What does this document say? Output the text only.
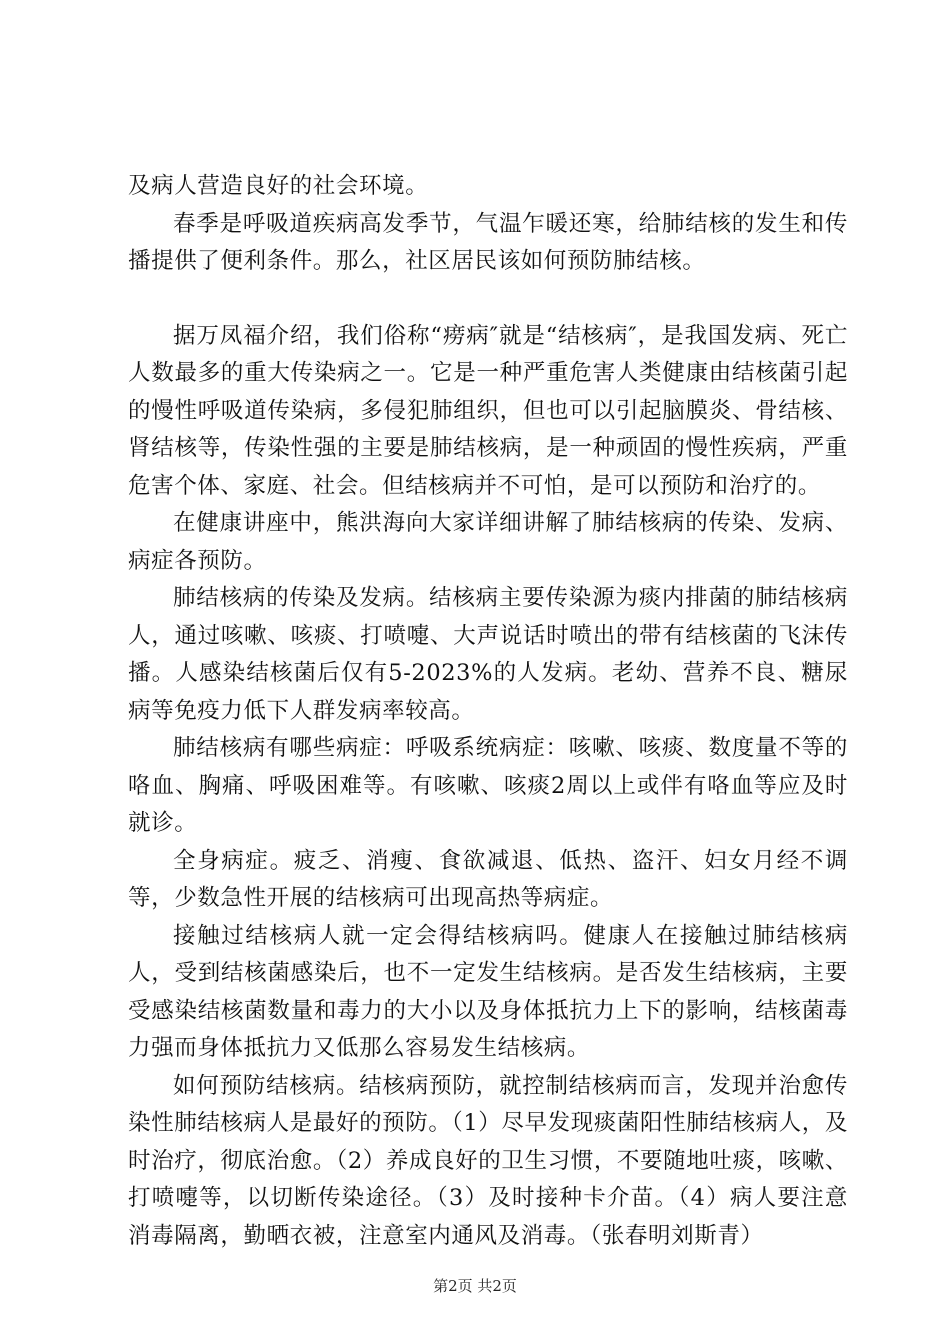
及病人营造良好的社会环境。

春季是呼吸道疾病高发季节，气温乍暖还寒，给肺结核的发生和传播提供了便利条件。那么，社区居民该如何预防肺结核。

据万凤福介绍，我们俗称“痨病″就是“结核病″，是我国发病、死亡人数最多的重大传染病之一。它是一种严重危害人类健康由结核菌引起的慢性呼吸道传染病，多侵犯肺组织，但也可以引起脑膜炎、骨结核、肾结核等，传染性强的主要是肺结核病，是一种顽固的慢性疾病，严重危害个体、家庭、社会。但结核病并不可怕，是可以预防和治疗的。

在健康讲座中，熊洪海向大家详细讲解了肺结核病的传染、发病、病症各预防。

肺结核病的传染及发病。结核病主要传染源为痰内排菌的肺结核病人，通过咳嗽、咳痰、打喷嚏、大声说话时喷出的带有结核菌的飞沫传播。人感染结核菌后仅有5-2023%的人发病。老幼、营养不良、糖尿病等免疫力低下人群发病率较高。

肺结核病有哪些病症：呼吸系统病症：咳嗽、咳痰、数度量不等的咯血、胸痛、呼吸困难等。有咳嗽、咳痰2周以上或伴有咯血等应及时就诊。

全身病症。疲乏、消瘦、食欲减退、低热、盗汗、妇女月经不调等，少数急性开展的结核病可出现高热等病症。

接触过结核病人就一定会得结核病吗。健康人在接触过肺结核病人，受到结核菌感染后，也不一定发生结核病。是否发生结核病，主要受感染结核菌数量和毒力的大小以及身体抵抗力上下的影响，结核菌毒力强而身体抵抗力又低那么容易发生结核病。

如何预防结核病。结核病预防，就控制结核病而言，发现并治愈传染性肺结核病人是最好的预防。（1）尽早发现痰菌阳性肺结核病人，及时治疗，彻底治愈。（2）养成良好的卫生习惯，不要随地吐痰，咳嗽、打喷嚏等，以切断传染途径。（3）及时接种卡介苗。（4）病人要注意消毒隔离，勤晒衣被，注意室内通风及消毒。（张春明刘斯青）

第2页 共2页
